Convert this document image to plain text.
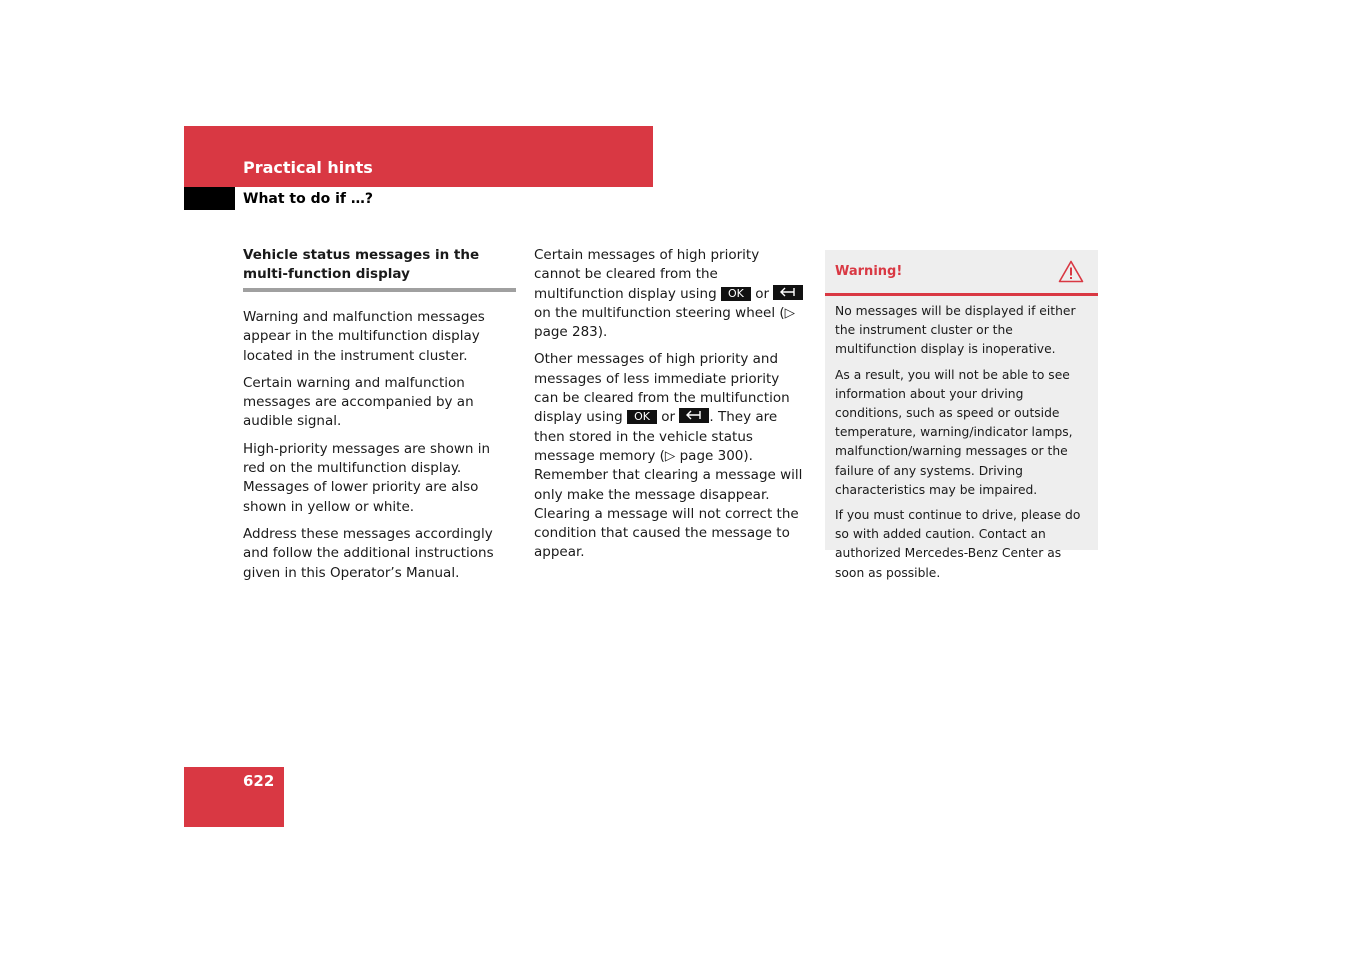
Practical hints
What to do if …?
Vehicle status messages in the multi-function display

Warning and malfunction messages appear in the multifunction display located in the instrument cluster.

Certain warning and malfunction messages are accompanied by an audible signal.

High-priority messages are shown in red on the multifunction display. Messages of lower priority are also shown in yellow or white.

Address these messages accordingly and follow the additional instructions given in this Operator’s Manual.

Certain messages of high priority cannot be cleared from the multifunction display using OK or
on the multifunction steering wheel (▷ page 283).

Other messages of high priority and messages of less immediate priority can be cleared from the multifunction display using OK or	. They are then stored in the vehicle status message memory (▷ page 300). Remember that clearing a message will only make the message disappear. Clearing a message will not correct the condition that caused the message to appear.

Warning!

No messages will be displayed if either the instrument cluster or the multifunction display is inoperative.

As a result, you will not be able to see information about your driving conditions, such as speed or outside temperature, warning/indicator lamps, malfunction/warning messages or the failure of any systems. Driving characteristics may be impaired.

If you must continue to drive, please do so with added caution. Contact an authorized Mercedes-Benz Center as soon as possible.

622
